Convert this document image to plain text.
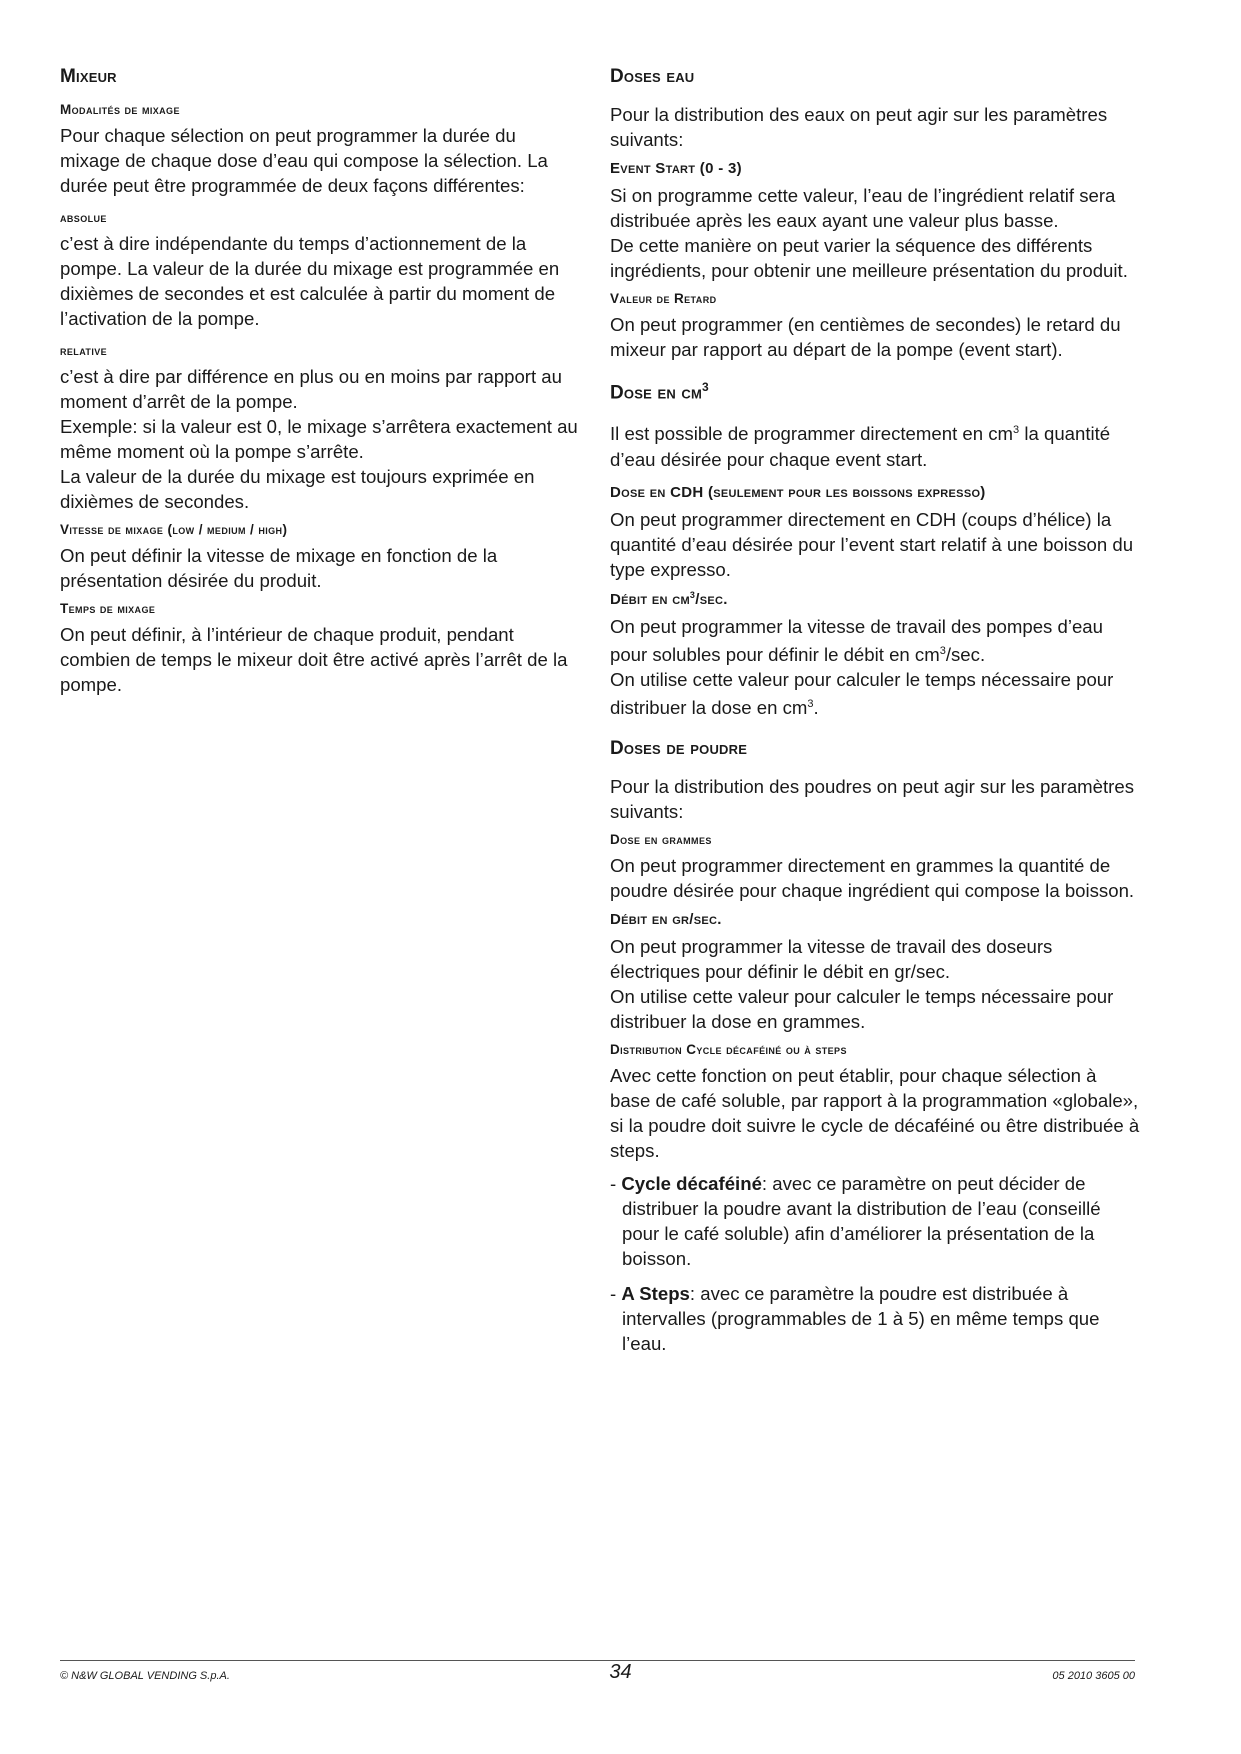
Mixeur
Modalités de mixage

Pour chaque sélection on peut programmer la durée du mixage de chaque dose d’eau qui compose la sélection. La durée peut être programmée de deux façons différentes:

absolue

c’est à dire indépendante du temps d’actionnement de la pompe. La valeur de la durée du mixage est programmée en dixièmes de secondes et est calculée à partir du moment de l’activation de la pompe.

relative

c’est à dire par différence en plus ou en moins par rapport au moment d’arrêt de la pompe.

Exemple: si la valeur est 0, le mixage s’arrêtera exactement au même moment où la pompe s’arrête.

La valeur de la durée du mixage est toujours exprimée en dixièmes de secondes.

Vitesse de mixage (low / medium / high)

On peut définir la vitesse de mixage en fonction de la présentation désirée du produit.

Temps de mixage

On peut définir, à l’intérieur de chaque produit, pendant combien de temps le mixeur doit être activé après l’arrêt de la pompe.

Doses eau

Pour la distribution des eaux on peut agir sur les paramètres suivants:

Event Start (0 - 3)

Si on programme cette valeur, l’eau de l’ingrédient relatif sera distribuée après les eaux ayant une valeur plus basse.

De cette manière on peut varier la séquence des différents ingrédients, pour obtenir une meilleure présentation du produit.

Valeur de Retard

On peut programmer (en centièmes de secondes) le retard du mixeur par rapport au départ de la pompe (event start).

Dose en $cm^3$

Il est possible de programmer directement en $cm^3$ la quantité d’eau désirée pour chaque event start.

Dose en CDH (seulement pour les boissons expresso)

On peut programmer directement en CDH (coups d’hélice) la quantité d’eau désirée pour l’event start relatif à une boisson du type expresso.

Débit en $cm^3/\sec$.

On peut programmer la vitesse de travail des pompes d’eau pour solubles pour définir le débit en $cm^3/\sec$.

On utilise cette valeur pour calculer le temps nécessaire pour distribuer la dose en $cm^3$.

Doses de poudre

Pour la distribution des poudres on peut agir sur les paramètres suivants:

Dose en grammes

On peut programmer directement en grammes la quantité de poudre désirée pour chaque ingrédient qui compose la boisson.

Débit en gr/sec.

On peut programmer la vitesse de travail des doseurs électriques pour définir le débit en gr/sec.

On utilise cette valeur pour calculer le temps nécessaire pour distribuer la dose en grammes.

Distribution Cycle décaféiné ou à steps

Avec cette fonction on peut établir, pour chaque sélection à base de café soluble, par rapport à la programmation «globale», si la poudre doit suivre le cycle de décaféiné ou être distribuée à steps.

- Cycle décaféiné: avec ce paramètre on peut décider de distribuer la poudre avant la distribution de l’eau (conseillé pour le café soluble) afin d’améliorer la présentation de la boisson.
- A Steps: avec ce paramètre la poudre est distribuée à intervalles (programmables de 1 à 5) en même temps que l’eau.
© N&W GLOBAL VENDING S.p.A.	34	05 2010 3605 00
